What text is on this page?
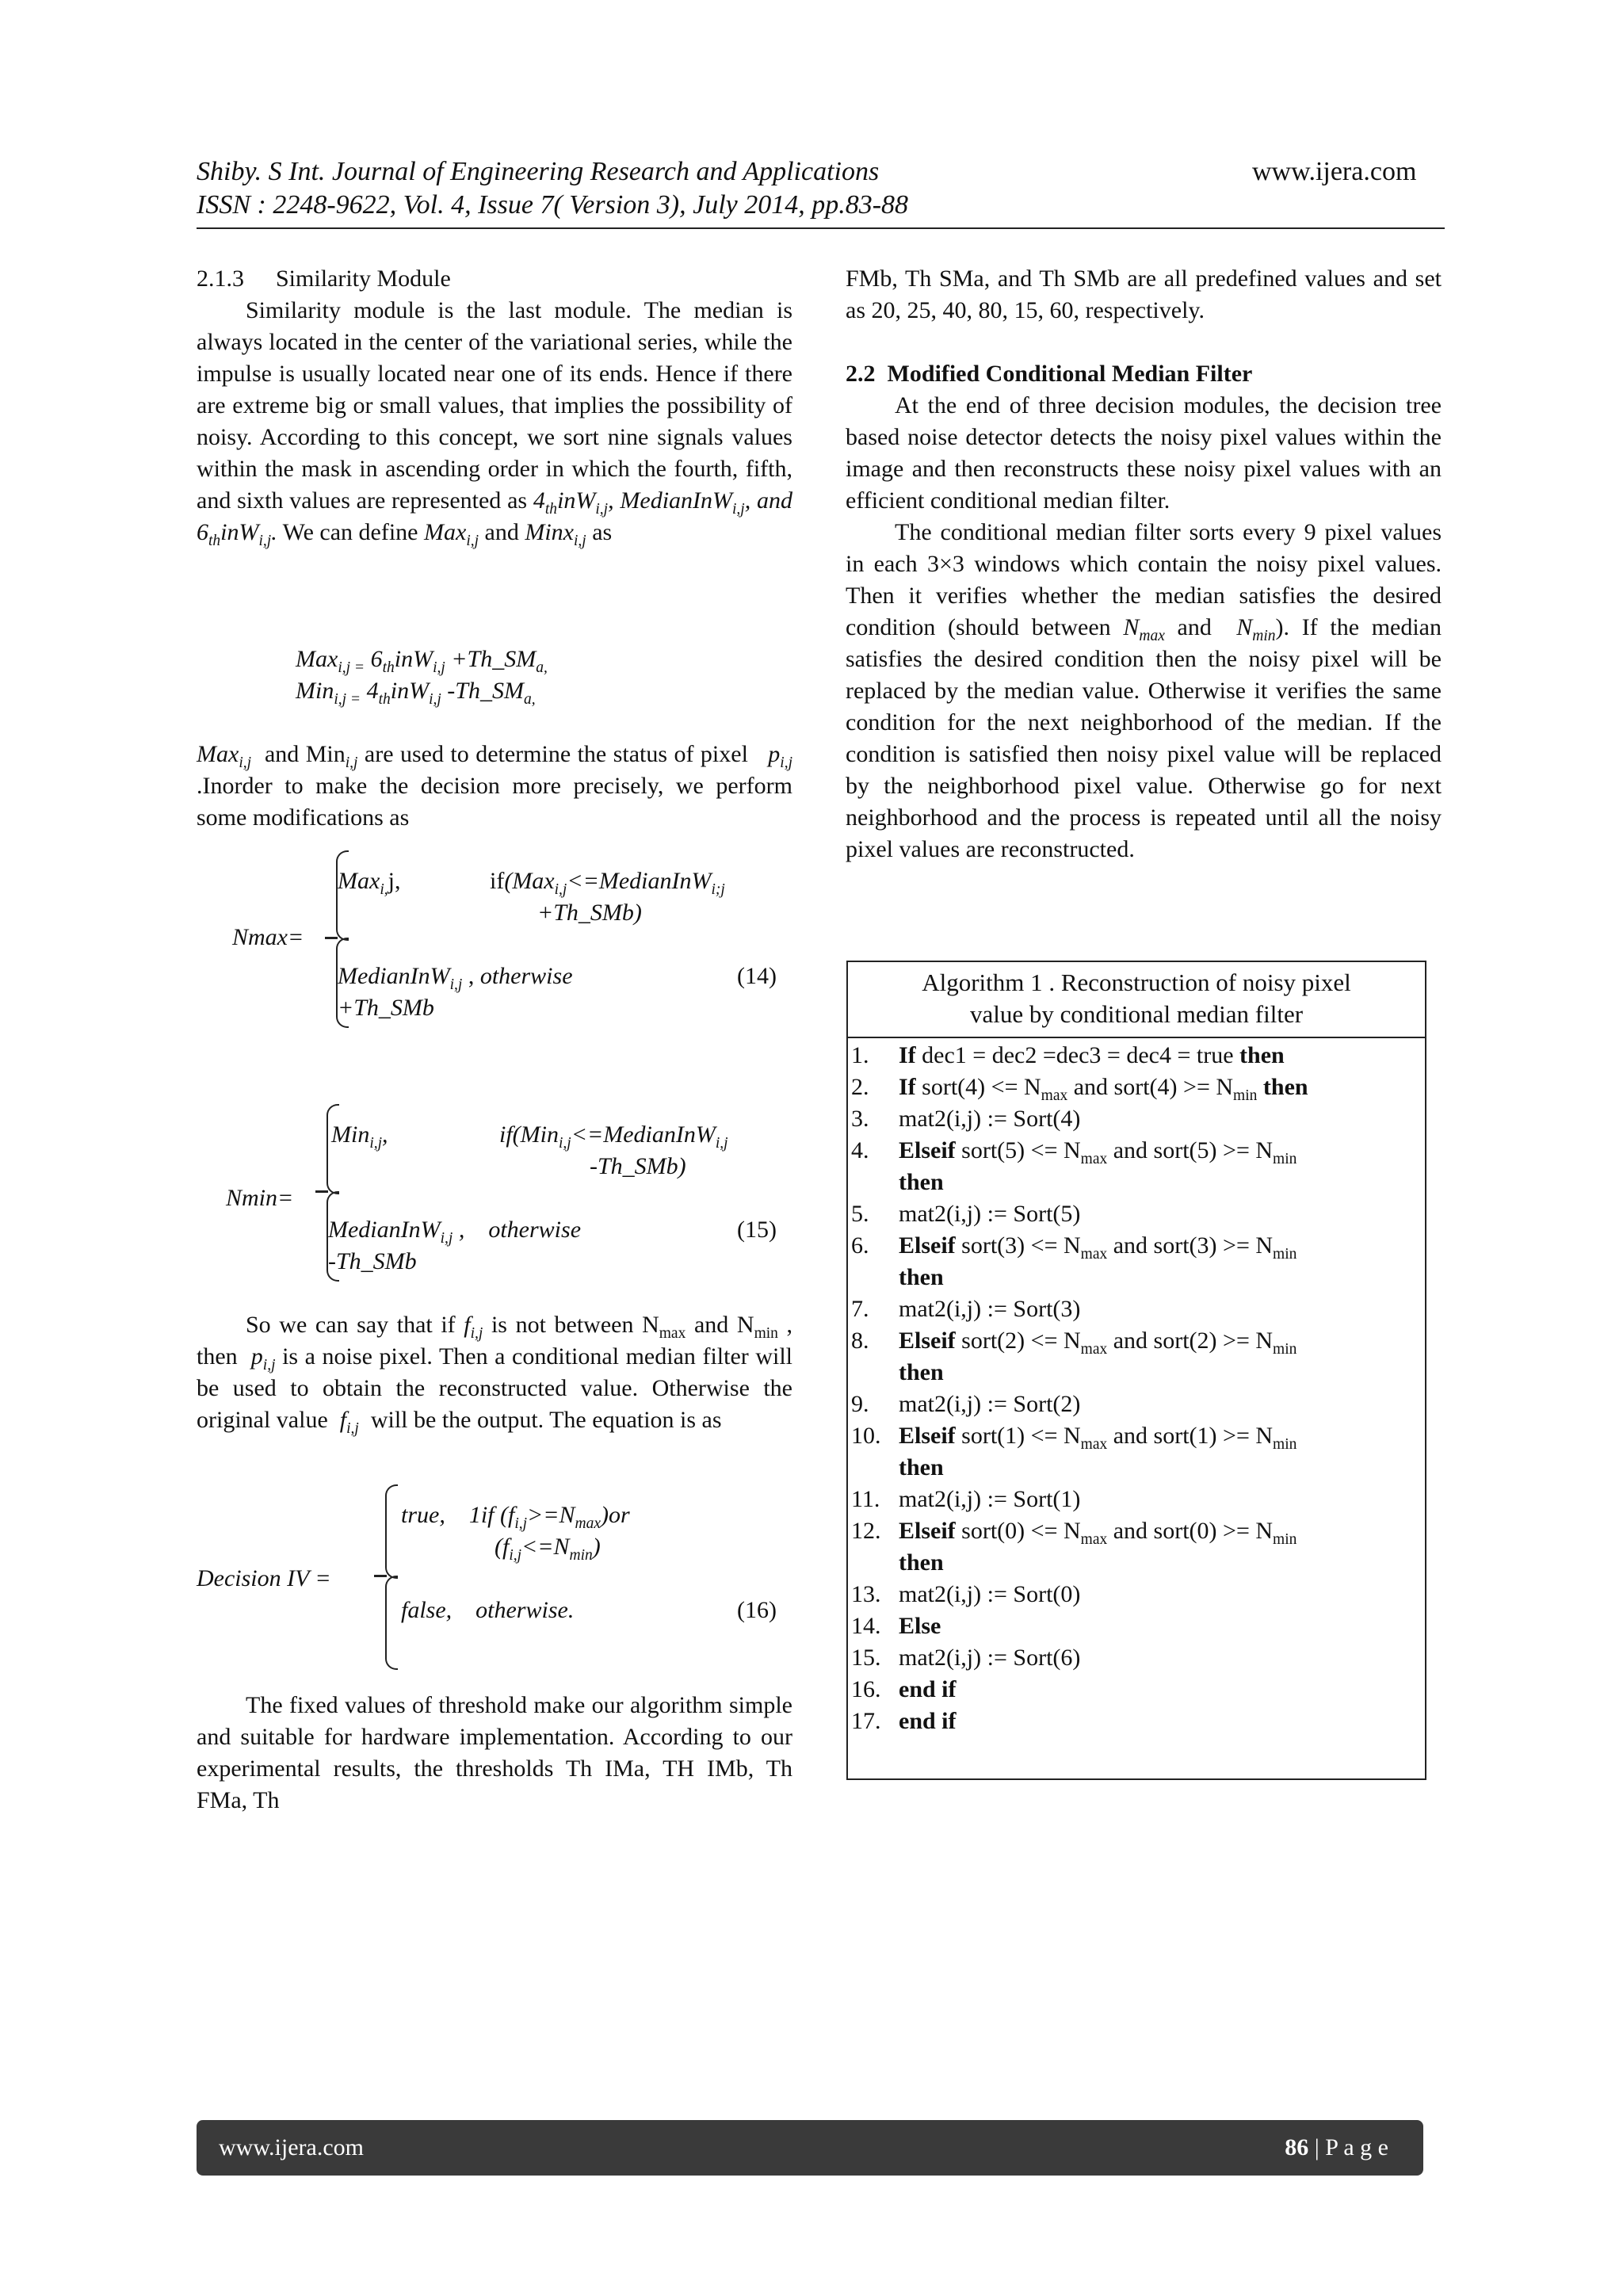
Shiby. S Int. Journal of Engineering Research and Applications
ISSN : 2248-9622, Vol. 4, Issue 7( Version 3), July 2014, pp.83-88
www.ijera.com
2.1.3 Similarity Module
Similarity module is the last module. The median is always located in the center of the variational series, while the impulse is usually located near one of its ends. Hence if there are extreme big or small values, that implies the possibility of noisy. According to this concept, we sort nine signals values within the mask in ascending order in which the fourth, fifth, and sixth values are represented as $4_{th}inW_{i,j}$, MedianInW$_{i,j}$, and $6_{th}inW_{i,j}$. We can define Max$_{i,j}$ and Minx$_{i,j}$ as
Max$_{i,j =}$ $6_{th}inW_{i,j}$ $+Th\_SM_{a,}$
Min$_{i,j =}$ $4_{th}inW_{i,j}$ $-Th\_SM_{a,}$
Max$_{i,j}$ and Min$_{i,j}$ are used to determine the status of pixel $p_{i,j}$ .Inorder to make the decision more precisely, we perform some modifications as
Nmax=
Max$_{i,}$j,	if(Max$_{i,j}$<=MedianInW$_{i;j}$
+Th_SMb)
MedianInW$_{i,j}$ , otherwise
+Th_SMb
(14)
Nmin=
Min$_{i,j}$,	if(Min$_{i,j}$<=MedianInW$_{i,j}$
-Th_SMb)
MedianInW$_{i,j}$ ,    otherwise
-Th_SMb
(15)
So we can say that if $f_{i,j}$ is not between $N_{max}$ and $N_{min}$ , then $p_{i,j}$ is a noise pixel. Then a conditional median filter will be used to obtain the reconstructed value. Otherwise the original value $f_{i,j}$ will be the output. The equation is as
Decision IV =
true,    1if $(f_{i,j}>=N_{max})or$
$(f_{i,j}<=N_{min})$
false,    otherwise.	(16)
The fixed values of threshold make our algorithm simple and suitable for hardware implementation. According to our experimental results, the thresholds Th IMa, TH IMb, Th FMa, Th
FMb, Th SMa, and Th SMb are all predefined values and set as 20, 25, 40, 80, 15, 60, respectively.
2.2 Modified Conditional Median Filter
At the end of three decision modules, the decision tree based noise detector detects the noisy pixel values within the image and then reconstructs these noisy pixel values with an efficient conditional median filter.
The conditional median filter sorts every 9 pixel values in each 3×3 windows which contain the noisy pixel values. Then it verifies whether the median satisfies the desired condition (should between $N_{max}$ and $N_{min}$). If the median satisfies the desired condition then the noisy pixel will be replaced by the median value. Otherwise it verifies the same condition for the next neighborhood of the median. If the condition is satisfied then noisy pixel value will be replaced by the neighborhood pixel value. Otherwise go for next neighborhood and the process is repeated until all the noisy pixel values are reconstructed.
Algorithm 1 . Reconstruction of noisy pixel
value by conditional median filter
1. If dec1 = dec2 =dec3 = dec4 = true then
2. If sort(4) <= $N_{max}$ and sort(4) >= $N_{min}$ then
3. mat2(i,j) := Sort(4)
4. Elseif sort(5) <= $N_{max}$ and sort(5) >= $N_{min}$
then
5. mat2(i,j) := Sort(5)
6. Elseif sort(3) <= $N_{max}$ and sort(3) >= $N_{min}$
then
7. mat2(i,j) := Sort(3)
8. Elseif sort(2) <= $N_{max}$ and sort(2) >= $N_{min}$
then
9. mat2(i,j) := Sort(2)
10. Elseif sort(1) <= $N_{max}$ and sort(1) >= $N_{min}$
then
11. mat2(i,j) := Sort(1)
12. Elseif sort(0) <= $N_{max}$ and sort(0) >= $N_{min}$
then
13. mat2(i,j) := Sort(0)
14. Else
15. mat2(i,j) := Sort(6)
16. end if
17. end if
www.ijera.com	86 | P a g e
